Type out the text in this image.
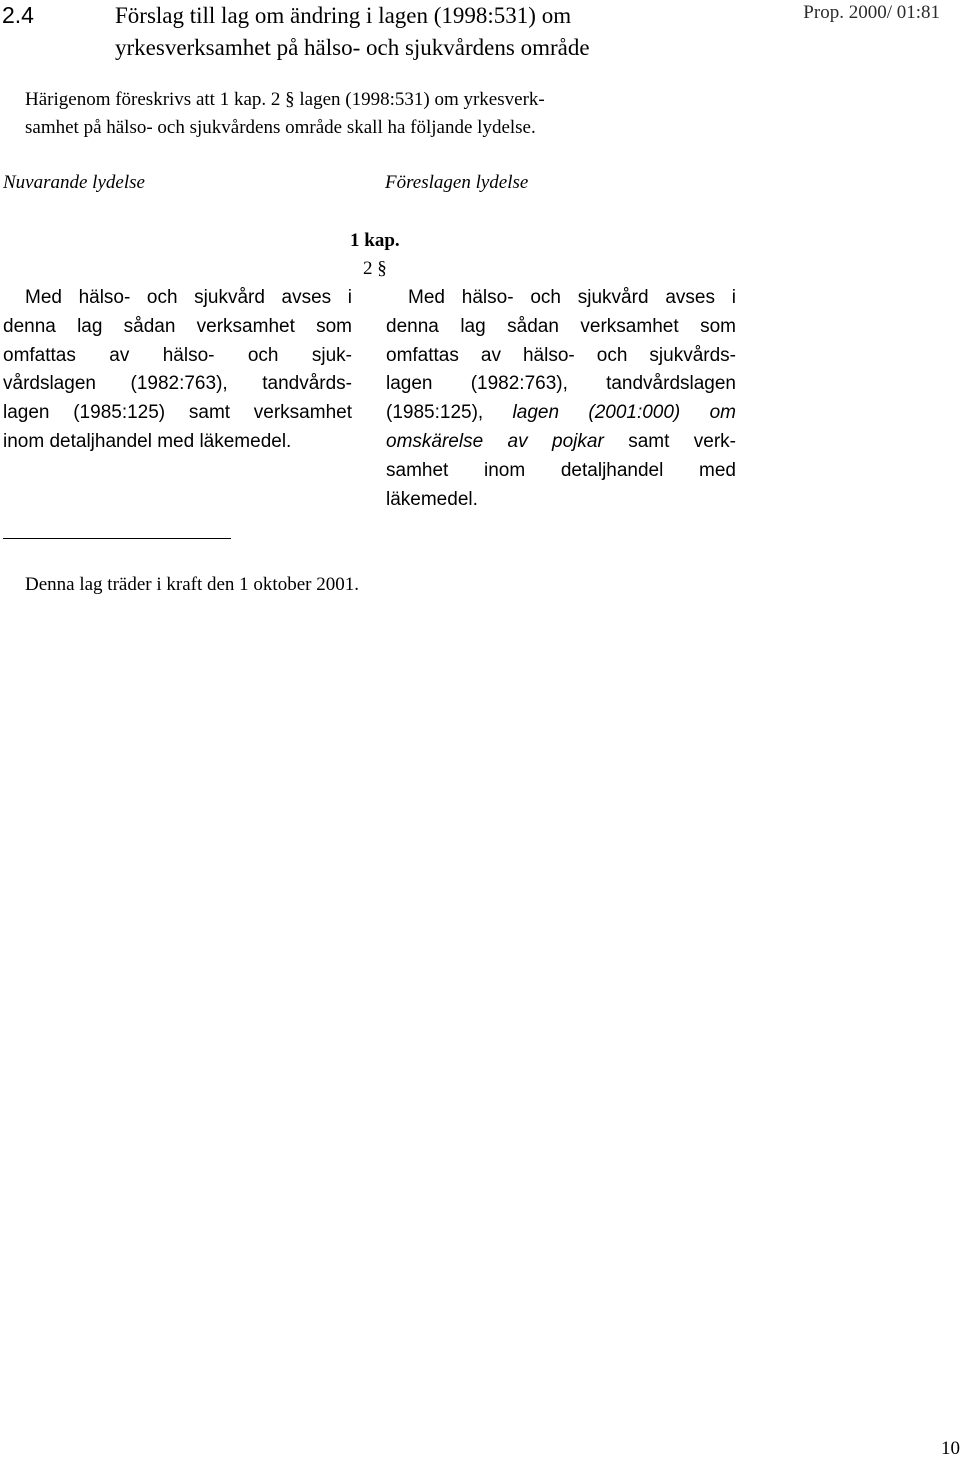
2.4	Förslag till lag om ändring i lagen (1998:531) om
yrkesverksamhet på hälso- och sjukvårdens område
Prop. 2000/ 01:81
Härigenom föreskrivs att 1 kap. 2 § lagen (1998:531) om yrkesverk-
samhet på hälso- och sjukvårdens område skall ha följande lydelse.
Nuvarande lydelse	Föreslagen lydelse
1 kap.
2 §
Med hälso- och sjukvård avses i
denna lag sådan verksamhet som
omfattas av hälso- och sjuk-
vårdslagen (1982:763), tandvårds-
lagen (1985:125) samt verksamhet
inom detaljhandel med läkemedel.
Med hälso- och sjukvård avses i
denna lag sådan verksamhet som
omfattas av hälso- och sjukvårds-
lagen (1982:763), tandvårdslagen
(1985:125), lagen (2001:000) om
omskärelse av pojkar samt verk-
samhet inom detaljhandel med
läkemedel.
Denna lag träder i kraft den 1 oktober 2001.
10
